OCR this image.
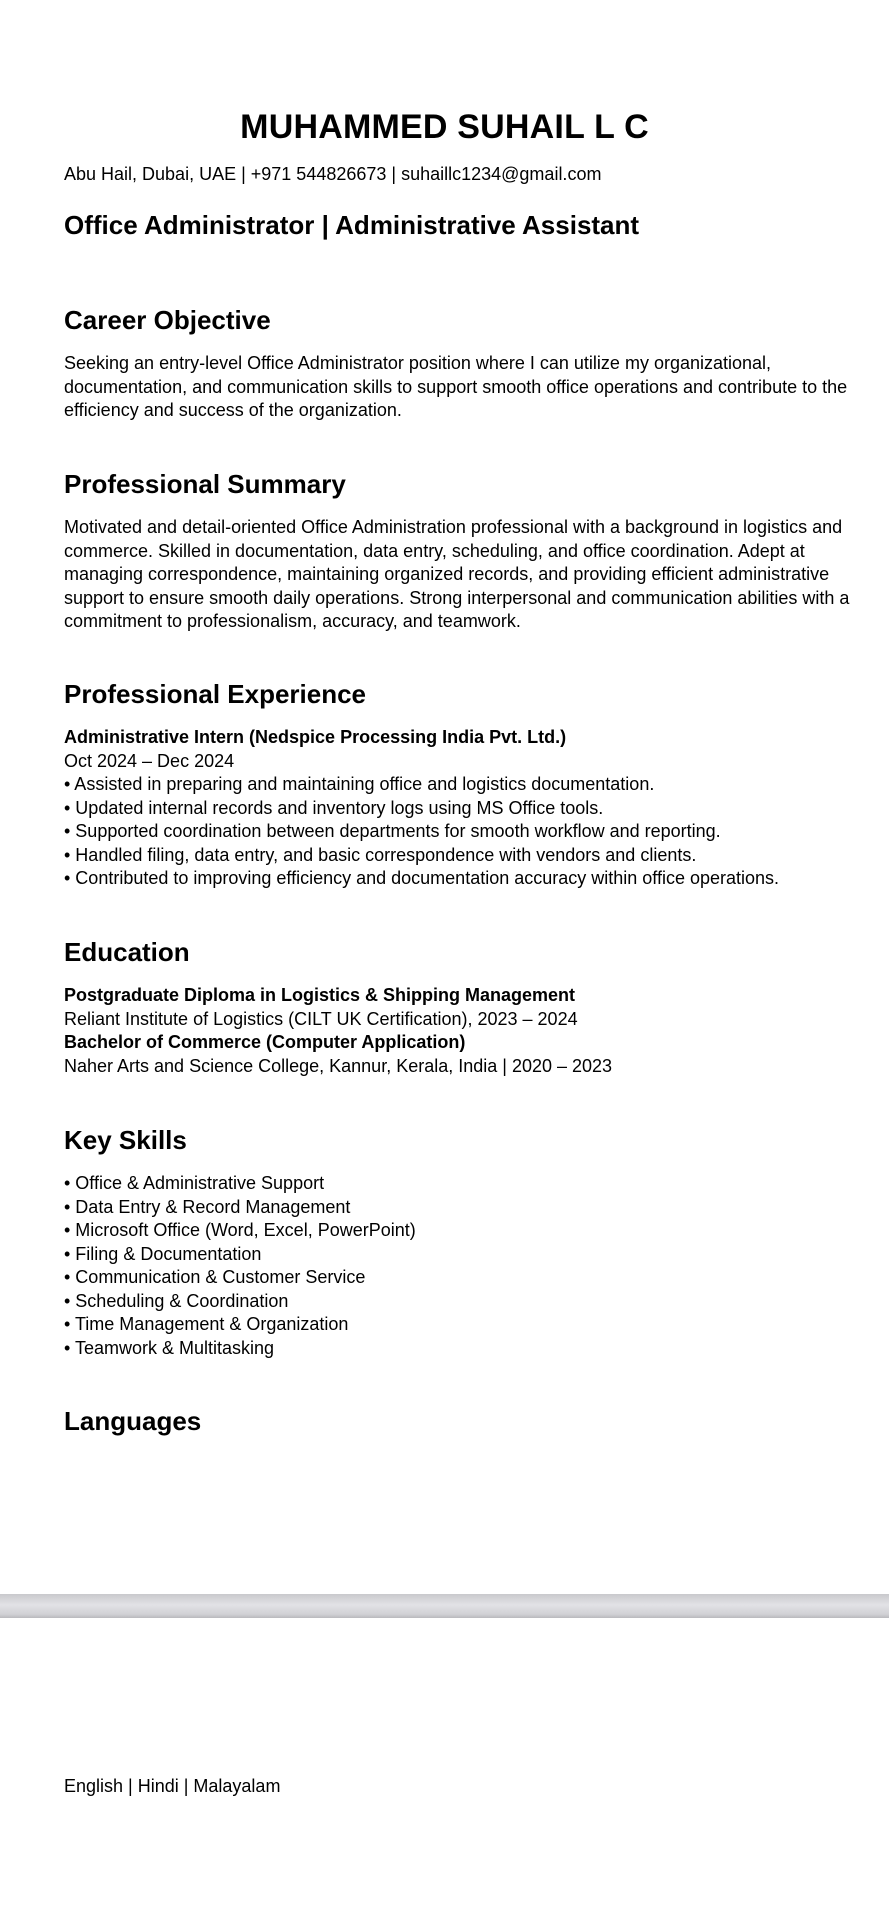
MUHAMMED SUHAIL L C
Abu Hail, Dubai, UAE | +971 544826673 | suhaillc1234@gmail.com
Office Administrator | Administrative Assistant
Career Objective
Seeking an entry-level Office Administrator position where I can utilize my organizational,
documentation, and communication skills to support smooth office operations and contribute to the
efficiency and success of the organization.
Professional Summary
Motivated and detail-oriented Office Administration professional with a background in logistics and
commerce. Skilled in documentation, data entry, scheduling, and office coordination. Adept at
managing correspondence, maintaining organized records, and providing efficient administrative
support to ensure smooth daily operations. Strong interpersonal and communication abilities with a
commitment to professionalism, accuracy, and teamwork.
Professional Experience
Administrative Intern (Nedspice Processing India Pvt. Ltd.)
Oct 2024 – Dec 2024
• Assisted in preparing and maintaining office and logistics documentation.
• Updated internal records and inventory logs using MS Office tools.
• Supported coordination between departments for smooth workflow and reporting.
• Handled filing, data entry, and basic correspondence with vendors and clients.
• Contributed to improving efficiency and documentation accuracy within office operations.
Education
Postgraduate Diploma in Logistics & Shipping Management
Reliant Institute of Logistics (CILT UK Certification), 2023 – 2024
Bachelor of Commerce (Computer Application)
Naher Arts and Science College, Kannur, Kerala, India | 2020 – 2023
Key Skills
• Office & Administrative Support
• Data Entry & Record Management
• Microsoft Office (Word, Excel, PowerPoint)
• Filing & Documentation
• Communication & Customer Service
• Scheduling & Coordination
• Time Management & Organization
• Teamwork & Multitasking
Languages
English | Hindi | Malayalam
